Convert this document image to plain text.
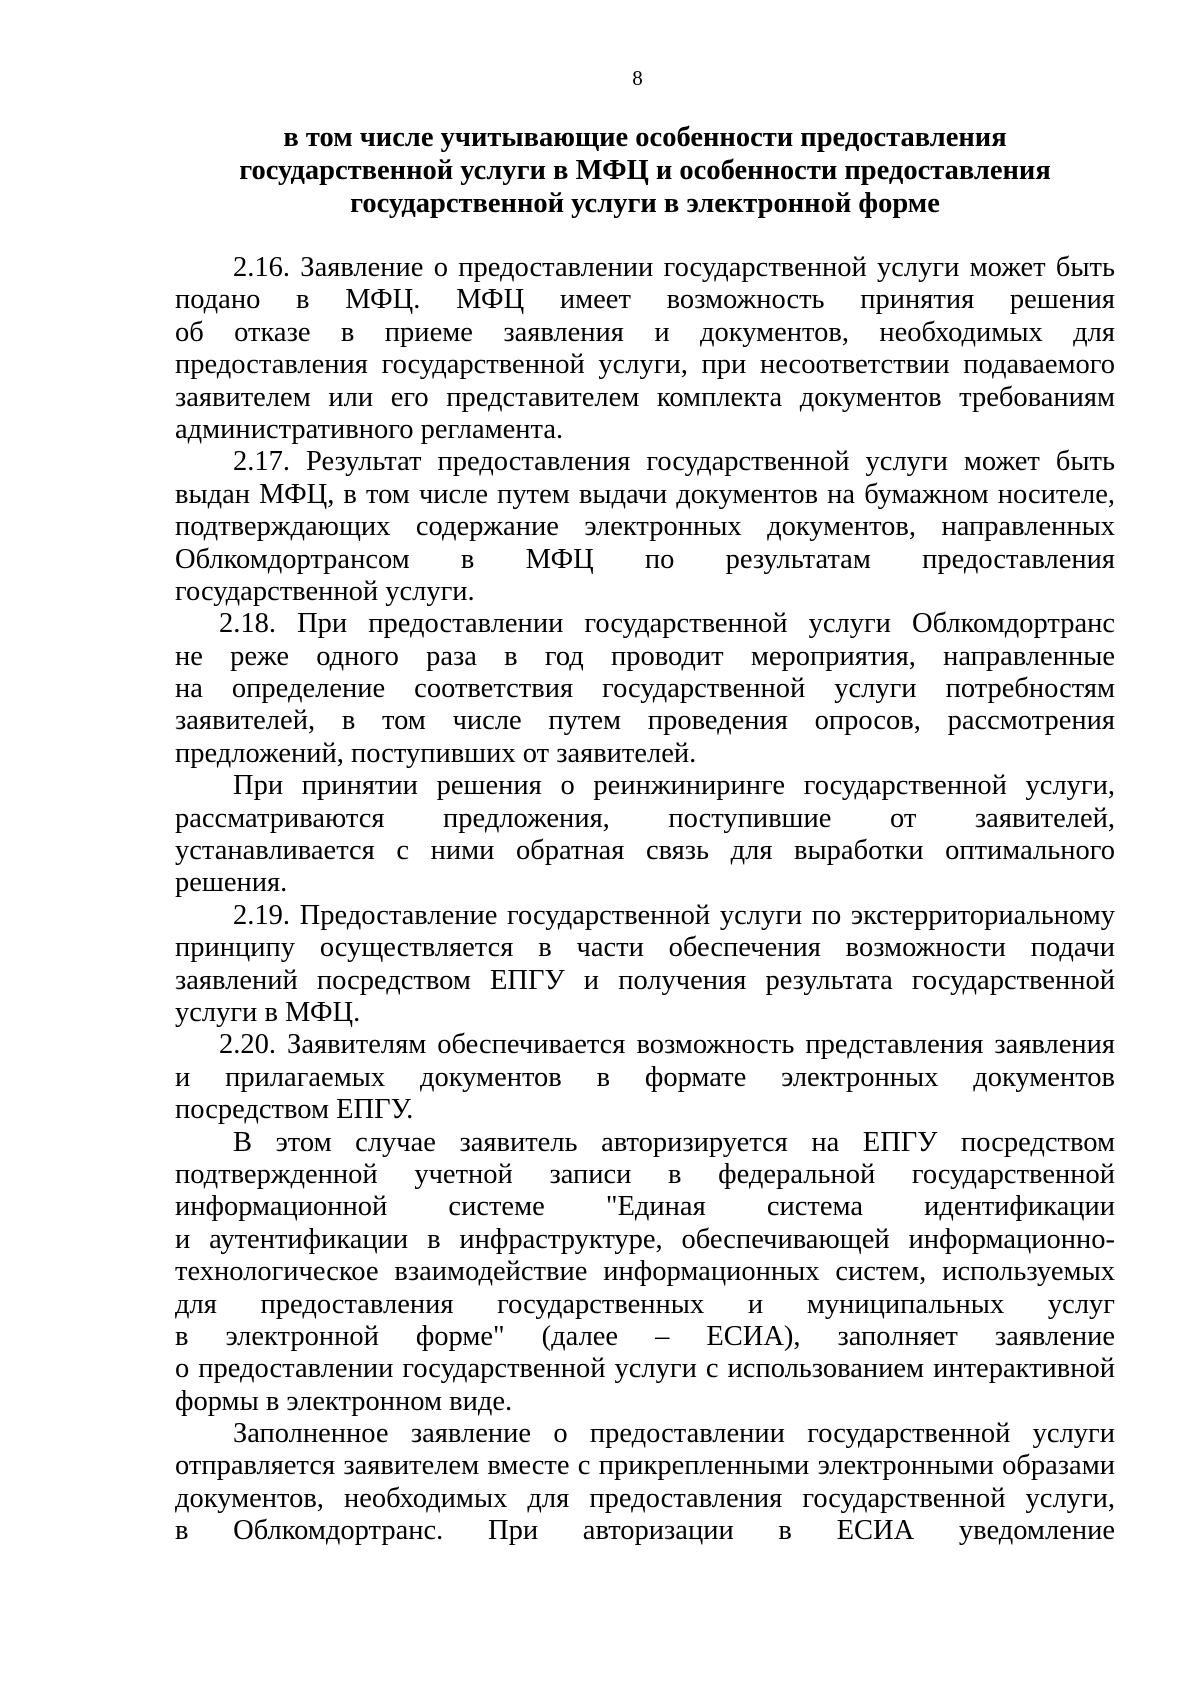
8
в том числе учитывающие особенности предоставления
государственной услуги в МФЦ и особенности предоставления
государственной услуги в электронной форме
2.16. Заявление о предоставлении государственной услуги может быть
подано в МФЦ. МФЦ имеет возможность принятия решения
об отказе в приеме заявления и документов, необходимых для
предоставления государственной услуги, при несоответствии подаваемого
заявителем или его представителем комплекта документов требованиям
административного регламента.
2.17. Результат предоставления государственной услуги может быть
выдан МФЦ, в том числе путем выдачи документов на бумажном носителе,
подтверждающих содержание электронных документов, направленных
Облкомдортрансом в МФЦ по результатам предоставления
государственной услуги.
2.18. При предоставлении государственной услуги Облкомдортранс
не реже одного раза в год проводит мероприятия, направленные
на определение соответствия государственной услуги потребностям
заявителей, в том числе путем проведения опросов, рассмотрения
предложений, поступивших от заявителей.
При принятии решения о реинжиниринге государственной услуги,
рассматриваются предложения, поступившие от заявителей,
устанавливается с ними обратная связь для выработки оптимального
решения.
2.19. Предоставление государственной услуги по экстерриториальному
принципу осуществляется в части обеспечения возможности подачи
заявлений посредством ЕПГУ и получения результата государственной
услуги в МФЦ.
2.20. Заявителям обеспечивается возможность представления заявления
и прилагаемых документов в формате электронных документов
посредством ЕПГУ.
В этом случае заявитель авторизируется на ЕПГУ посредством
подтвержденной учетной записи в федеральной государственной
информационной системе "Единая система идентификации
и аутентификации в инфраструктуре, обеспечивающей информационно-
технологическое взаимодействие информационных систем, используемых
для предоставления государственных и муниципальных услуг
в электронной форме" (далее – ЕСИА), заполняет заявление
о предоставлении государственной услуги с использованием интерактивной
формы в электронном виде.
Заполненное заявление о предоставлении государственной услуги
отправляется заявителем вместе с прикрепленными электронными образами
документов, необходимых для предоставления государственной услуги,
в Облкомдортранс. При авторизации в ЕСИА уведомление
